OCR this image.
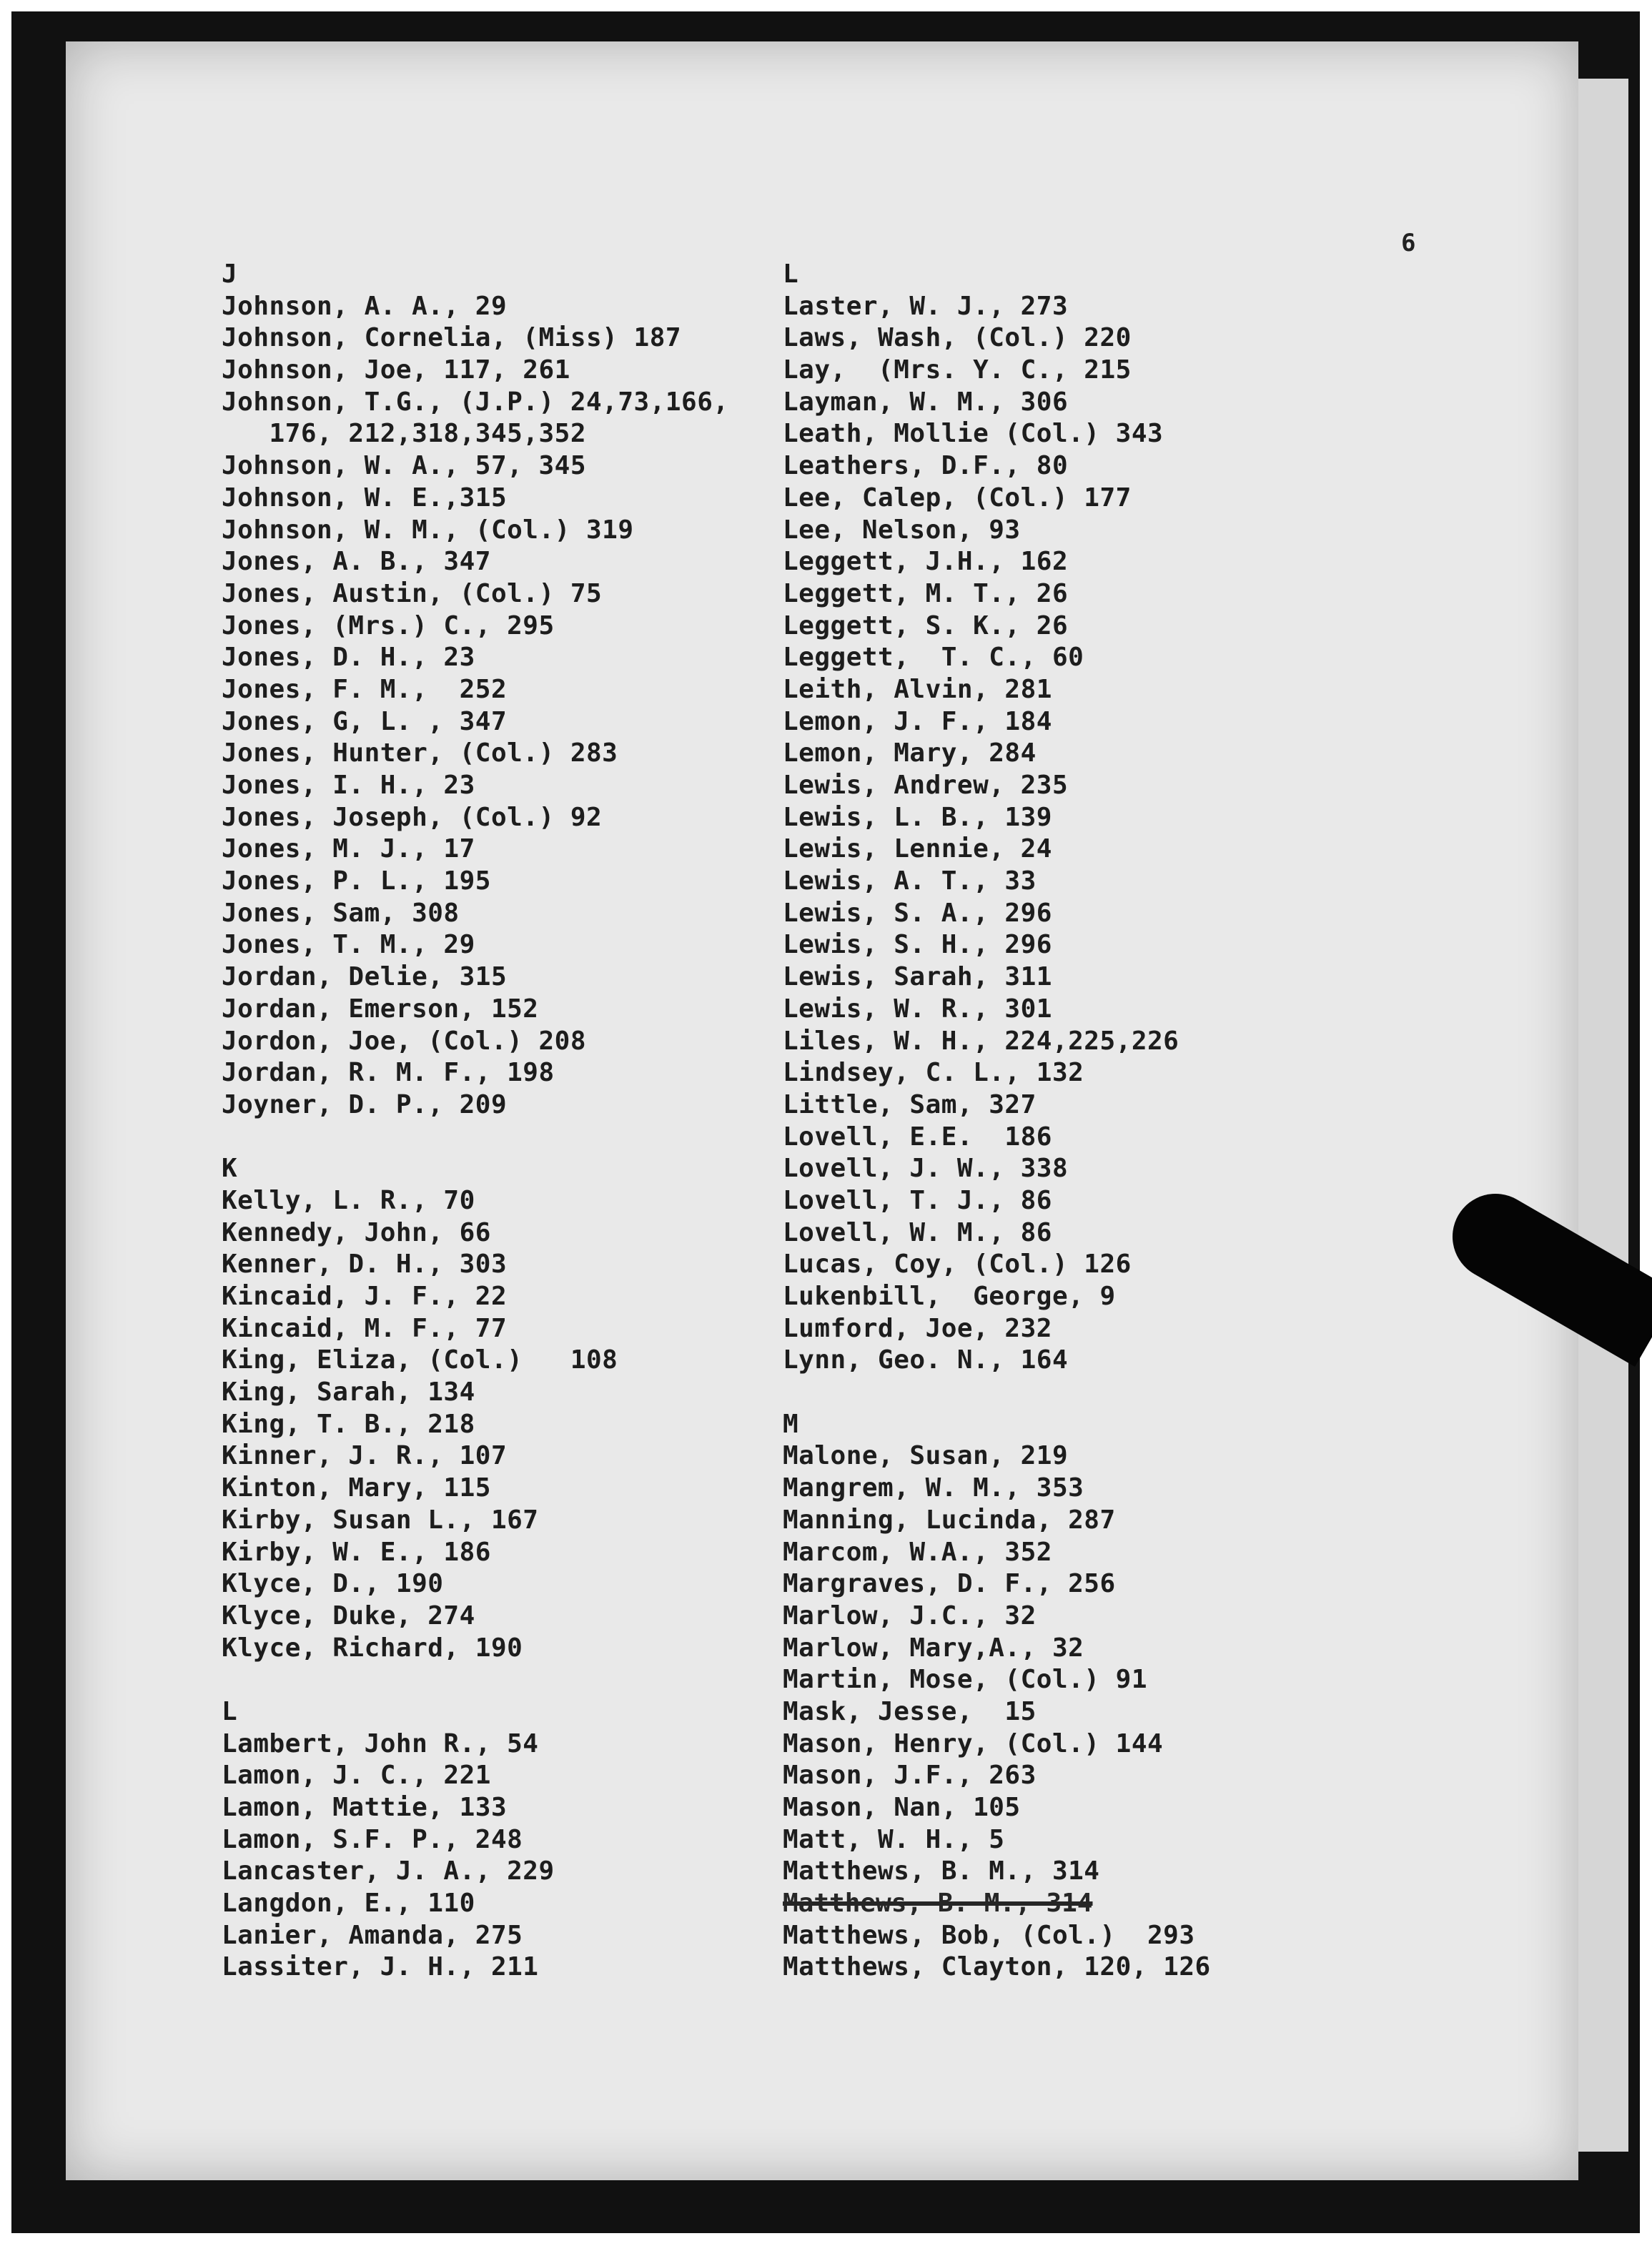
6
J
Johnson, A. A., 29
Johnson, Cornelia, (Miss) 187
Johnson, Joe, 117, 261
Johnson, T.G., (J.P.) 24,73,166,
176, 212,318,345,352
Johnson, W. A., 57, 345
Johnson, W. E.,315
Johnson, W. M., (Col.) 319
Jones, A. B., 347
Jones, Austin, (Col.) 75
Jones, (Mrs.) C., 295
Jones, D. H., 23
Jones, F. M.,  252
Jones, G, L. , 347
Jones, Hunter, (Col.) 283
Jones, I. H., 23
Jones, Joseph, (Col.) 92
Jones, M. J., 17
Jones, P. L., 195
Jones, Sam, 308
Jones, T. M., 29
Jordan, Delie, 315
Jordan, Emerson, 152
Jordon, Joe, (Col.) 208
Jordan, R. M. F., 198
Joyner, D. P., 209
K
Kelly, L. R., 70
Kennedy, John, 66
Kenner, D. H., 303
Kincaid, J. F., 22
Kincaid, M. F., 77
King, Eliza, (Col.)   108
King, Sarah, 134
King, T. B., 218
Kinner, J. R., 107
Kinton, Mary, 115
Kirby, Susan L., 167
Kirby, W. E., 186
Klyce, D., 190
Klyce, Duke, 274
Klyce, Richard, 190
L
Lambert, John R., 54
Lamon, J. C., 221
Lamon, Mattie, 133
Lamon, S.F. P., 248
Lancaster, J. A., 229
Langdon, E., 110
Lanier, Amanda, 275
Lassiter, J. H., 211
L
Laster, W. J., 273
Laws, Wash, (Col.) 220
Lay,  (Mrs. Y. C., 215
Layman, W. M., 306
Leath, Mollie (Col.) 343
Leathers, D.F., 80
Lee, Calep, (Col.) 177
Lee, Nelson, 93
Leggett, J.H., 162
Leggett, M. T., 26
Leggett, S. K., 26
Leggett,  T. C., 60
Leith, Alvin, 281
Lemon, J. F., 184
Lemon, Mary, 284
Lewis, Andrew, 235
Lewis, L. B., 139
Lewis, Lennie, 24
Lewis, A. T., 33
Lewis, S. A., 296
Lewis, S. H., 296
Lewis, Sarah, 311
Lewis, W. R., 301
Liles, W. H., 224,225,226
Lindsey, C. L., 132
Little, Sam, 327
Lovell, E.E.  186
Lovell, J. W., 338
Lovell, T. J., 86
Lovell, W. M., 86
Lucas, Coy, (Col.) 126
Lukenbill,  George, 9
Lumford, Joe, 232
Lynn, Geo. N., 164
M
Malone, Susan, 219
Mangrem, W. M., 353
Manning, Lucinda, 287
Marcom, W.A., 352
Margraves, D. F., 256
Marlow, J.C., 32
Marlow, Mary,A., 32
Martin, Mose, (Col.) 91
Mask, Jesse,  15
Mason, Henry, (Col.) 144
Mason, J.F., 263
Mason, Nan, 105
Matt, W. H., 5
Matthews, B. M., 314
Matthews, B. M., 314
Matthews, Bob, (Col.)  293
Matthews, Clayton, 120, 126
